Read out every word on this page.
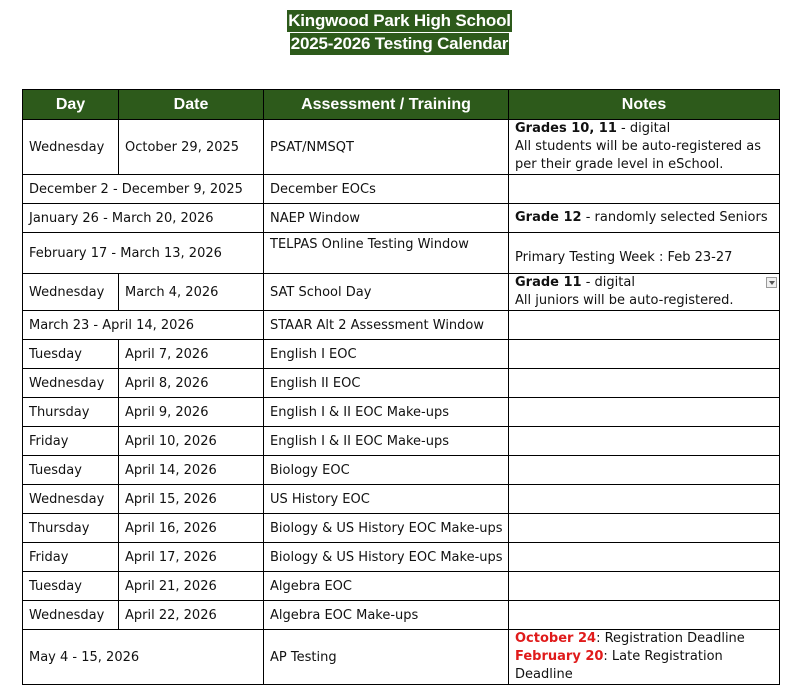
Kingwood Park High School
2025-2026 Testing Calendar
Day	Date	Assessment / Training	Notes
Wednesday	October 29, 2025	PSAT/NMSQT	Grades 10, 11 - digital
All students will be auto-registered as per their grade level in eSchool.
December 2 - December 9, 2025		December EOCs	
January 26 - March 20, 2026		NAEP Window	Grade 12 - randomly selected Seniors
February 17 - March 13, 2026		TELPAS Online Testing Window	Primary Testing Week : Feb 23-27
Wednesday	March 4, 2026	SAT School Day	Grade 11 - digital
All juniors will be auto-registered.

March 23 - April 14, 2026		STAAR Alt 2 Assessment Window	
Tuesday	April 7, 2026	English I EOC	
Wednesday	April 8, 2026	English II EOC	
Thursday	April 9, 2026	English I & II EOC Make-ups	
Friday	April 10, 2026	English I & II EOC Make-ups	
Tuesday	April 14, 2026	Biology EOC	
Wednesday	April 15, 2026	US History EOC	
Thursday	April 16, 2026	Biology & US History EOC Make-ups	
Friday	April 17, 2026	Biology & US History EOC Make-ups	
Tuesday	April 21, 2026	Algebra EOC	
Wednesday	April 22, 2026	Algebra EOC Make-ups	
May 4 - 15, 2026		AP Testing	October 24: Registration Deadline
February 20: Late Registration Deadline
